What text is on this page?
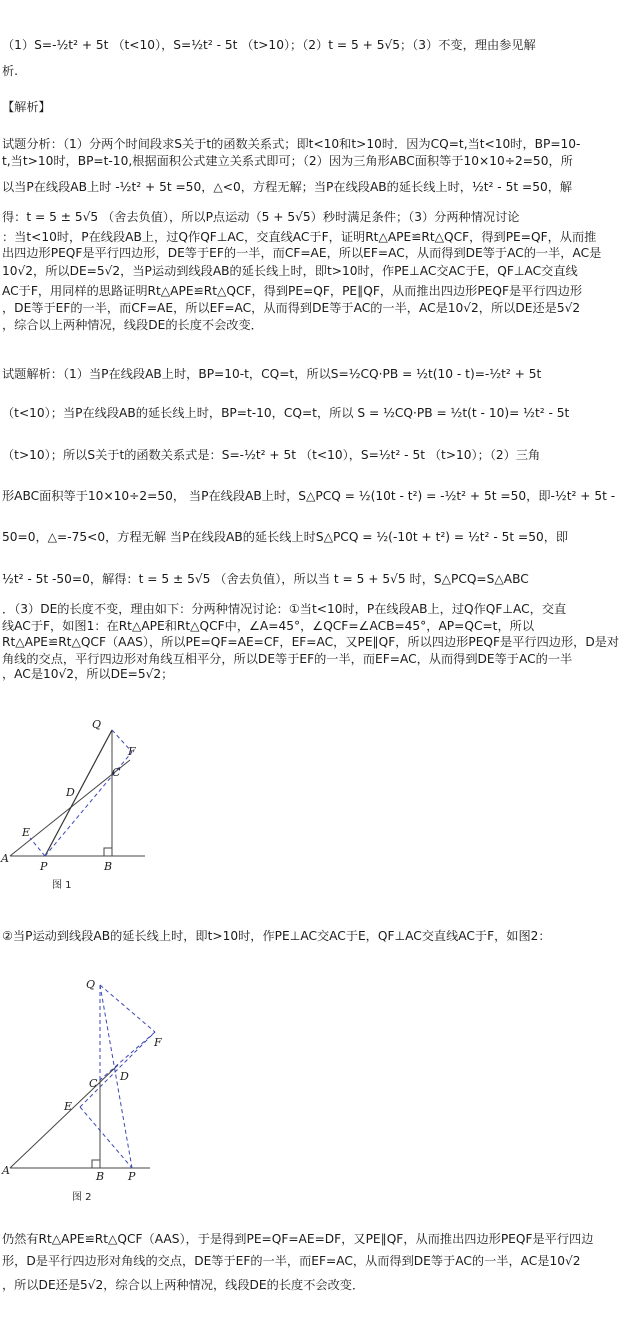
（1）S=-½t² + 5t （t<10），S=½t² - 5t （t>10）；（2）t = 5 + 5√5；（3）不变，理由参见解
析.
【解析】
试题分析：（1）分两个时间段求S关于t的函数关系式；即t<10和t>10时．因为CQ=t,当t<10时，BP=10-
t,当t>10时，BP=t-10,根据面积公式建立关系式即可；（2）因为三角形ABC面积等于10×10÷2=50，所
以当P在线段AB上时 -½t² + 5t =50，△<0，方程无解；当P在线段AB的延长线上时，½t² - 5t =50，解
得：t = 5 ± 5√5 （舍去负值），所以P点运动（5 + 5√5）秒时满足条件；（3）分两种情况讨论
：当t<10时，P在线段AB上，过Q作QF⊥AC，交直线AC于F，证明Rt△APE≌Rt△QCF，得到PE=QF，从而推
出四边形PEQF是平行四边形，DE等于EF的一半，而CF=AE，所以EF=AC，从而得到DE等于AC的一半，AC是
10√2，所以DE=5√2，当P运动到线段AB的延长线上时，即t>10时，作PE⊥AC交AC于E，QF⊥AC交直线
AC于F，用同样的思路证明Rt△APE≌Rt△QCF，得到PE=QF，PE∥QF，从而推出四边形PEQF是平行四边形
，DE等于EF的一半，而CF=AE，所以EF=AC，从而得到DE等于AC的一半，AC是10√2，所以DE还是5√2
，综合以上两种情况，线段DE的长度不会改变．
试题解析：（1）当P在线段AB上时，BP=10-t，CQ=t，所以S=½CQ·PB = ½t(10 - t)=-½t² + 5t
（t<10）；当P在线段AB的延长线上时，BP=t-10，CQ=t，所以 S = ½CQ·PB = ½t(t - 10)= ½t² - 5t
（t>10）；所以S关于t的函数关系式是：S=-½t² + 5t （t<10），S=½t² - 5t （t>10）；（2）三角
形ABC面积等于10×10÷2=50， 当P在线段AB上时，S△PCQ = ½(10t - t²) = -½t² + 5t =50，即-½t² + 5t -
50=0，△=-75<0，方程无解 当P在线段AB的延长线上时S△PCQ = ½(-10t + t²) = ½t² - 5t =50，即
½t² - 5t -50=0，解得：t = 5 ± 5√5 （舍去负值），所以当 t = 5 + 5√5 时，S△PCQ=S△ABC
．（3）DE的长度不变，理由如下：分两种情况讨论：①当t<10时，P在线段AB上，过Q作QF⊥AC，交直
线AC于F，如图1：在Rt△APE和Rt△QCF中，∠A=45°，∠QCF=∠ACB=45°，AP=QC=t，所以
Rt△APE≌Rt△QCF（AAS），所以PE=QF=AE=CF，EF=AC，又PE∥QF，所以四边形PEQF是平行四边形，D是对
角线的交点，平行四边形对角线互相平分，所以DE等于EF的一半，而EF=AC，从而得到DE等于AC的一半
，AC是10√2，所以DE=5√2；
Q
F
C
D
E
A
P	B
图 1
②当P运动到线段AB的延长线上时，即t>10时，作PE⊥AC交AC于E，QF⊥AC交直线AC于F，如图2：
Q
F
C
D
E
A	B P
图 2
仍然有Rt△APE≌Rt△QCF（AAS），于是得到PE=QF=AE=DF，又PE∥QF，从而推出四边形PEQF是平行四边
形，D是平行四边形对角线的交点，DE等于EF的一半，而EF=AC，从而得到DE等于AC的一半，AC是10√2
，所以DE还是5√2，综合以上两种情况，线段DE的长度不会改变．
